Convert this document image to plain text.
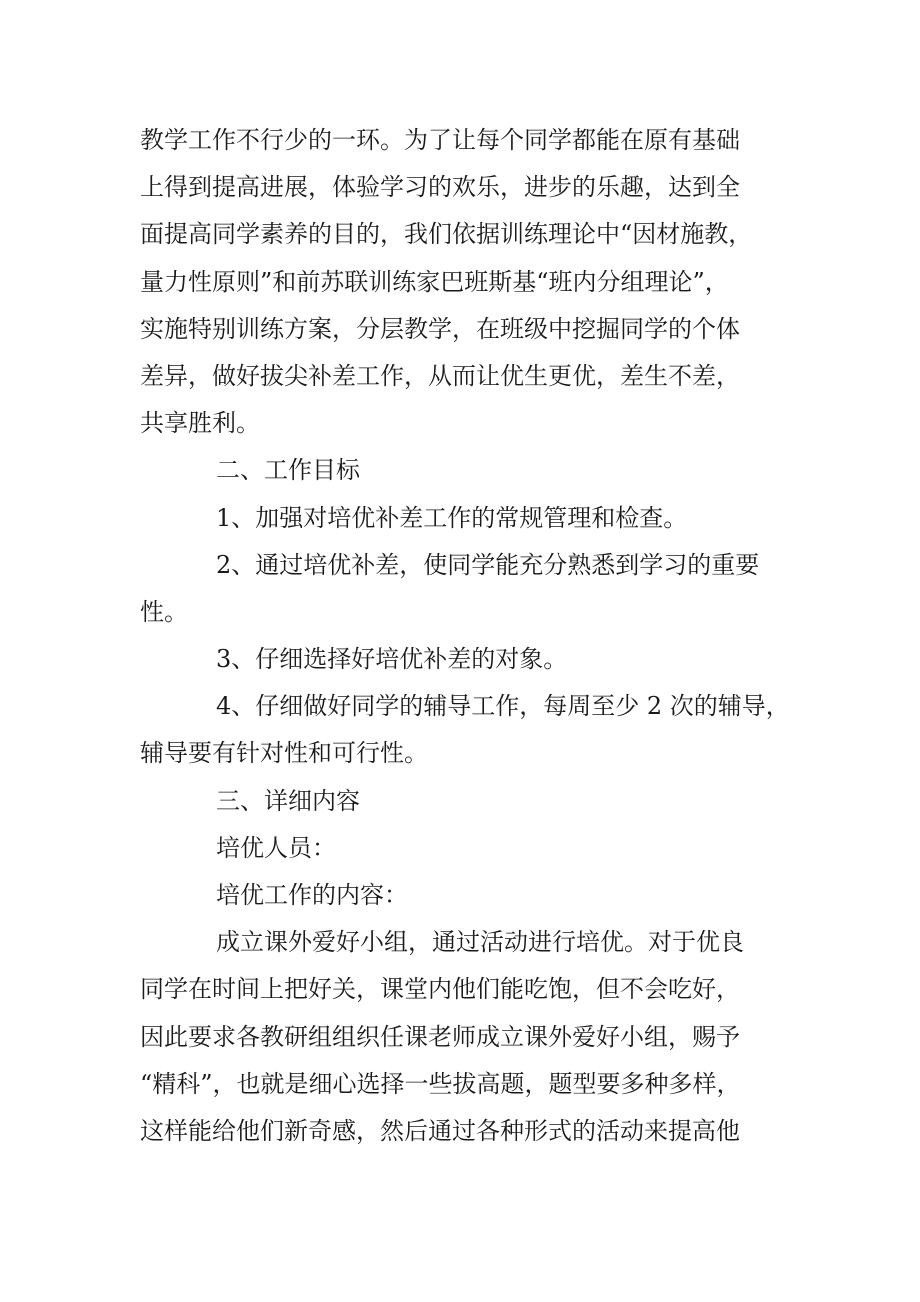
教学工作不行少的一环。为了让每个同学都能在原有基础
上得到提高进展，体验学习的欢乐，进步的乐趣，达到全
面提高同学素养的目的，我们依据训练理论中“因材施教，
量力性原则”和前苏联训练家巴班斯基“班内分组理论”，
实施特别训练方案，分层教学，在班级中挖掘同学的个体
差异，做好拔尖补差工作，从而让优生更优，差生不差，
共享胜利。
二、工作目标
1、加强对培优补差工作的常规管理和检查。
2、通过培优补差，使同学能充分熟悉到学习的重要
性。
3、仔细选择好培优补差的对象。
4、仔细做好同学的辅导工作，每周至少 2 次的辅导，
辅导要有针对性和可行性。
三、详细内容
培优人员：
培优工作的内容：
成立课外爱好小组，通过活动进行培优。对于优良
同学在时间上把好关，课堂内他们能吃饱，但不会吃好，
因此要求各教研组组织任课老师成立课外爱好小组，赐予
“精科”，也就是细心选择一些拔高题，题型要多种多样，
这样能给他们新奇感，然后通过各种形式的活动来提高他
